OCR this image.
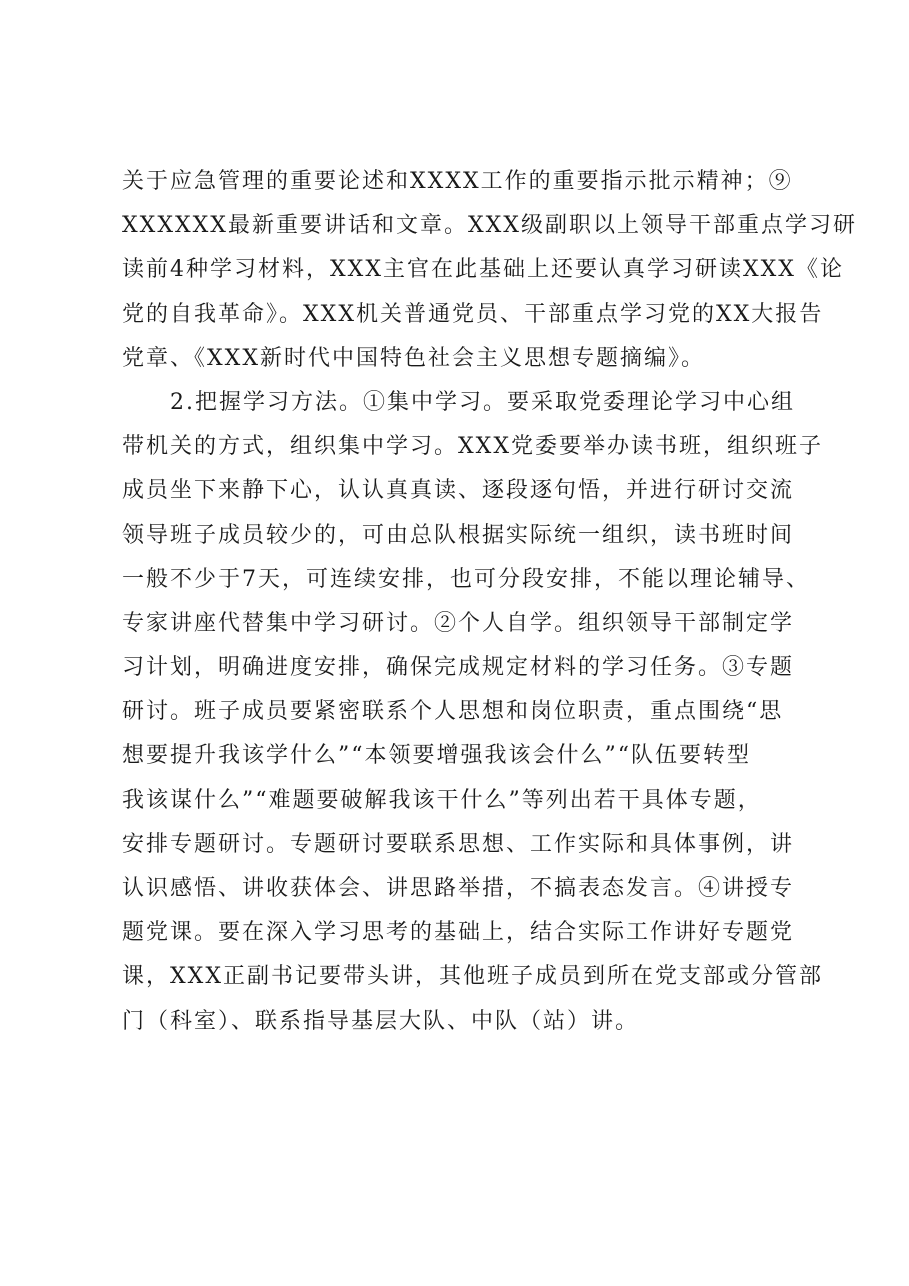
关于应急管理的重要论述和XXXX工作的重要指示批示精神；⑨
XXXXXX最新重要讲话和文章。XXX级副职以上领导干部重点学习研
读前4种学习材料，XXX主官在此基础上还要认真学习研读XXX《论
党的自我革命》。XXX机关普通党员、干部重点学习党的XX大报告
党章、《XXX新时代中国特色社会主义思想专题摘编》。
2.把握学习方法。①集中学习。要采取党委理论学习中心组
带机关的方式，组织集中学习。XXX党委要举办读书班，组织班子
成员坐下来静下心，认认真真读、逐段逐句悟，并进行研讨交流
领导班子成员较少的，可由总队根据实际统一组织，读书班时间
一般不少于7天，可连续安排，也可分段安排，不能以理论辅导、
专家讲座代替集中学习研讨。②个人自学。组织领导干部制定学
习计划，明确进度安排，确保完成规定材料的学习任务。③专题
研讨。班子成员要紧密联系个人思想和岗位职责，重点围绕“思
想要提升我该学什么”“本领要增强我该会什么”“队伍要转型
我该谋什么”“难题要破解我该干什么”等列出若干具体专题，
安排专题研讨。专题研讨要联系思想、工作实际和具体事例，讲
认识感悟、讲收获体会、讲思路举措，不搞表态发言。④讲授专
题党课。要在深入学习思考的基础上，结合实际工作讲好专题党
课，XXX正副书记要带头讲，其他班子成员到所在党支部或分管部
门（科室）、联系指导基层大队、中队（站）讲。
